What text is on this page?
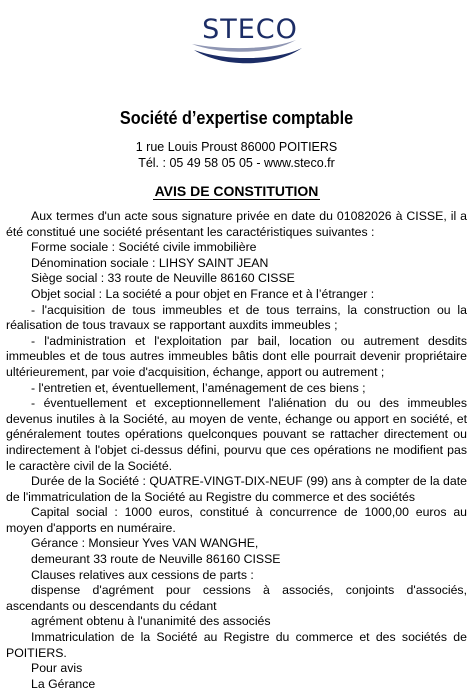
STECO
Société d’expertise comptable
1 rue Louis Proust 86000 POITIERS
Tél. : 05 49 58 05 05 - www.steco.fr
AVIS DE CONSTITUTION

Aux termes d'un acte sous signature privée en date du 01082026 à CISSE, il a été constitué une société présentant les caractéristiques suivantes :

Forme sociale : Société civile immobilière

Dénomination sociale : LIHSY SAINT JEAN

Siège social : 33 route de Neuville 86160 CISSE

Objet social : La société a pour objet en France et à l’étranger :

- l'acquisition de tous immeubles et de tous terrains, la construction ou la réalisation de tous travaux se rapportant auxdits immeubles ;

- l'administration et l'exploitation par bail, location ou autrement desdits immeubles et de tous autres immeubles bâtis dont elle pourrait devenir propriétaire ultérieurement, par voie d'acquisition, échange, apport ou autrement ;

- l'entretien et, éventuellement, l’aménagement de ces biens ;

- éventuellement et exceptionnellement l'aliénation du ou des immeubles devenus inutiles à la Société, au moyen de vente, échange ou apport en société, et généralement toutes opérations quelconques pouvant se rattacher directement ou indirectement à l'objet ci-dessus défini, pourvu que ces opérations ne modifient pas le caractère civil de la Société.

Durée de la Société : QUATRE-VINGT-DIX-NEUF (99) ans à compter de la date de l'immatriculation de la Société au Registre du commerce et des sociétés

Capital social : 1000 euros, constitué à concurrence de 1000,00 euros au moyen d'apports en numéraire.

Gérance : Monsieur Yves VAN WANGHE,

demeurant 33 route de Neuville 86160 CISSE

Clauses relatives aux cessions de parts :

dispense d'agrément pour cessions à associés, conjoints d'associés, ascendants ou descendants du cédant

agrément obtenu à l'unanimité des associés

Immatriculation de la Société au Registre du commerce et des sociétés de POITIERS.

Pour avis

La Gérance
